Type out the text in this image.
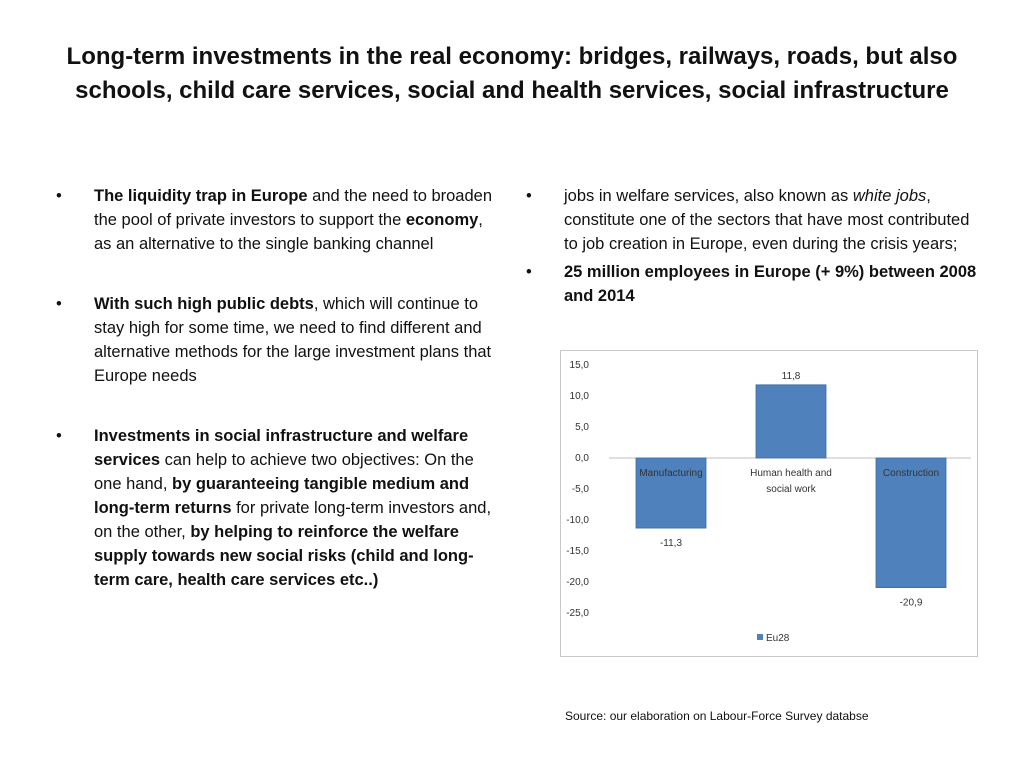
Long-term investments in the real economy: bridges, railways, roads, but also schools, child care services, social and health services, social infrastructure
• The liquidity trap in Europe and the need to broaden the pool of private investors to support the economy, as an alternative to the single banking channel
• With such high public debts, which will continue to stay high for some time, we need to find different and alternative methods for the large investment plans that Europe needs
• Investments in social infrastructure and welfare services can help to achieve two objectives: On the one hand, by guaranteeing tangible medium and long-term returns for private long-term investors and, on the other, by helping to reinforce the welfare supply towards new social risks (child and long-term care, health care services etc..)
• jobs in welfare services, also known as white jobs, constitute one of the sectors that have most contributed to job creation in Europe, even during the crisis years;
• 25 million employees in Europe (+ 9%) between 2008 and 2014
15,0
10,0
5,0
0,0
-5,0
-10,0
-15,0
-20,0
-25,0
Manufacturing
-11,3
Human health and social work
11,8
Construction
-20,9
Eu28
Source: our elaboration on Labour-Force Survey databse
